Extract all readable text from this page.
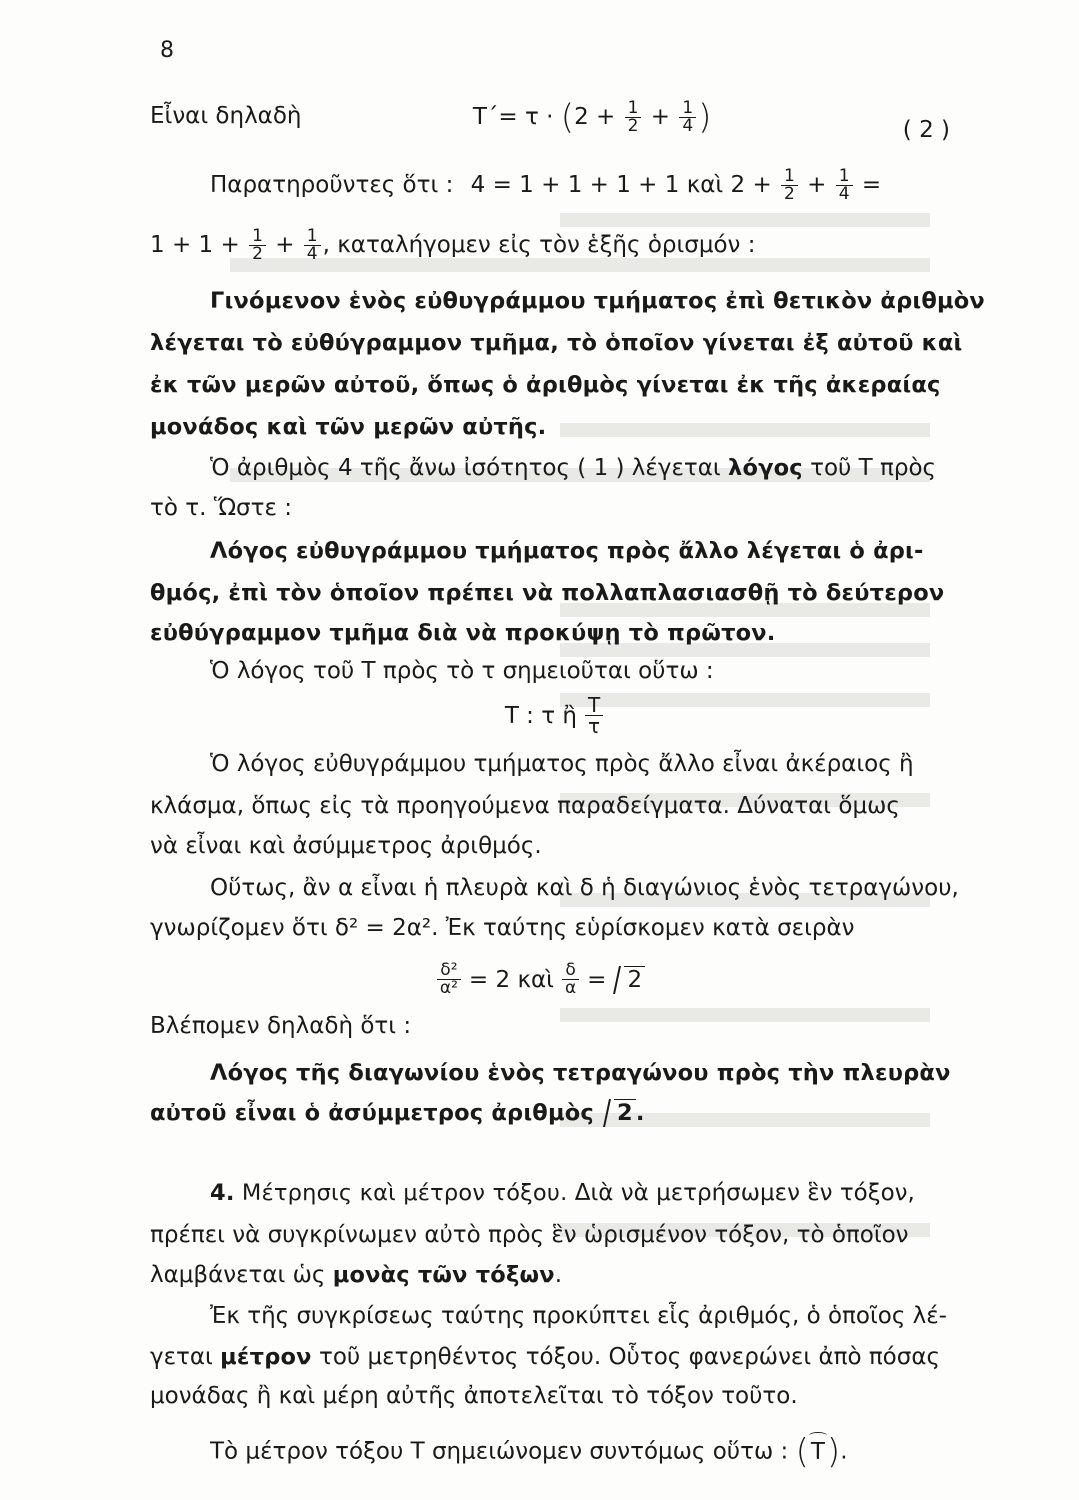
8
Εἶναι δηλαδὴ	$T΄= \tau \cdot (2 + \frac{1}{2} + \frac{1}{4}$ )	( 2 )
Παρατηροῦντες ὅτι : 4 = 1 + 1 + 1 + 1 καὶ $2 + \frac{1}{2} + \frac{1}{4}$ =
$1 + 1 + \frac{1}{2} + \frac{1}{4}$ , καταλήγομεν εἰς τὸν ἑξῆς ὁρισμόν :
Γινόμενον ἑνὸς εὐθυγράμμου τμήματος ἐπὶ θετικὸν ἀριθμὸν
λέγεται τὸ εὐθύγραμμον τμῆμα, τὸ ὁποῖον γίνεται ἐξ αὐτοῦ καὶ
ἐκ τῶν μερῶν αὐτοῦ, ὅπως ὁ ἀριθμὸς γίνεται ἐκ τῆς ἀκεραίας
μονάδος καὶ τῶν μερῶν αὐτῆς.
Ὁ ἀριθμὸς 4 τῆς ἄνω ἰσότητος ( 1 ) λέγεται λόγος τοῦ Τ πρὸς
τὸ τ. Ὥστε :
Λόγος εὐθυγράμμου τμήματος πρὸς ἄλλο λέγεται ὁ ἀρι-
θμός, ἐπὶ τὸν ὁποῖον πρέπει νὰ πολλαπλασιασθῇ τὸ δεύτερον
εὐθύγραμμον τμῆμα διὰ νὰ προκύψῃ τὸ πρῶτον.
Ὁ λόγος τοῦ Τ πρὸς τὸ τ σημειοῦται οὕτω :
Τ : τ ἢ $\frac{T}{\tau}$
Ὁ λόγος εὐθυγράμμου τμήματος πρὸς ἄλλο εἶναι ἀκέραιος ἢ
κλάσμα, ὅπως εἰς τὰ προηγούμενα παραδείγματα. Δύναται ὅμως
νὰ εἶναι καὶ ἀσύμμετρος ἀριθμός.
Οὕτως, ἂν α εἶναι ἡ πλευρὰ καὶ δ ἡ διαγώνιος ἑνὸς τετραγώνου,
γνωρίζομεν ὅτι δ² = 2α². Ἐκ ταύτης εὑρίσκομεν κατὰ σειρὰν
$\frac{\text{δ²}}{\text{α²}} = 2$ καὶ $\frac{\delta}{\alpha} = 2$
Βλέπομεν δηλαδὴ ὅτι :
Λόγος τῆς διαγωνίου ἑνὸς τετραγώνου πρὸς τὴν πλευρὰν
αὐτοῦ εἶναι ὁ ἀσύμμετρος ἀριθμὸς 2 .
4. Μέτρησις καὶ μέτρον τόξου. Διὰ νὰ μετρήσωμεν ἓν τόξον,
πρέπει νὰ συγκρίνωμεν αὐτὸ πρὸς ἓν ὡρισμένον τόξον, τὸ ὁποῖον
λαμβάνεται ὡς μονὰς τῶν τόξων.
Ἐκ τῆς συγκρίσεως ταύτης προκύπτει εἷς ἀριθμός, ὁ ὁποῖος λέ-
γεται μέτρον τοῦ μετρηθέντος τόξου. Οὗτος φανερώνει ἀπὸ πόσας
μονάδας ἢ καὶ μέρη αὐτῆς ἀποτελεῖται τὸ τόξον τοῦτο.
Τὸ μέτρον τόξου Τ σημειώνομεν συντόμως οὕτω : (Τ).
